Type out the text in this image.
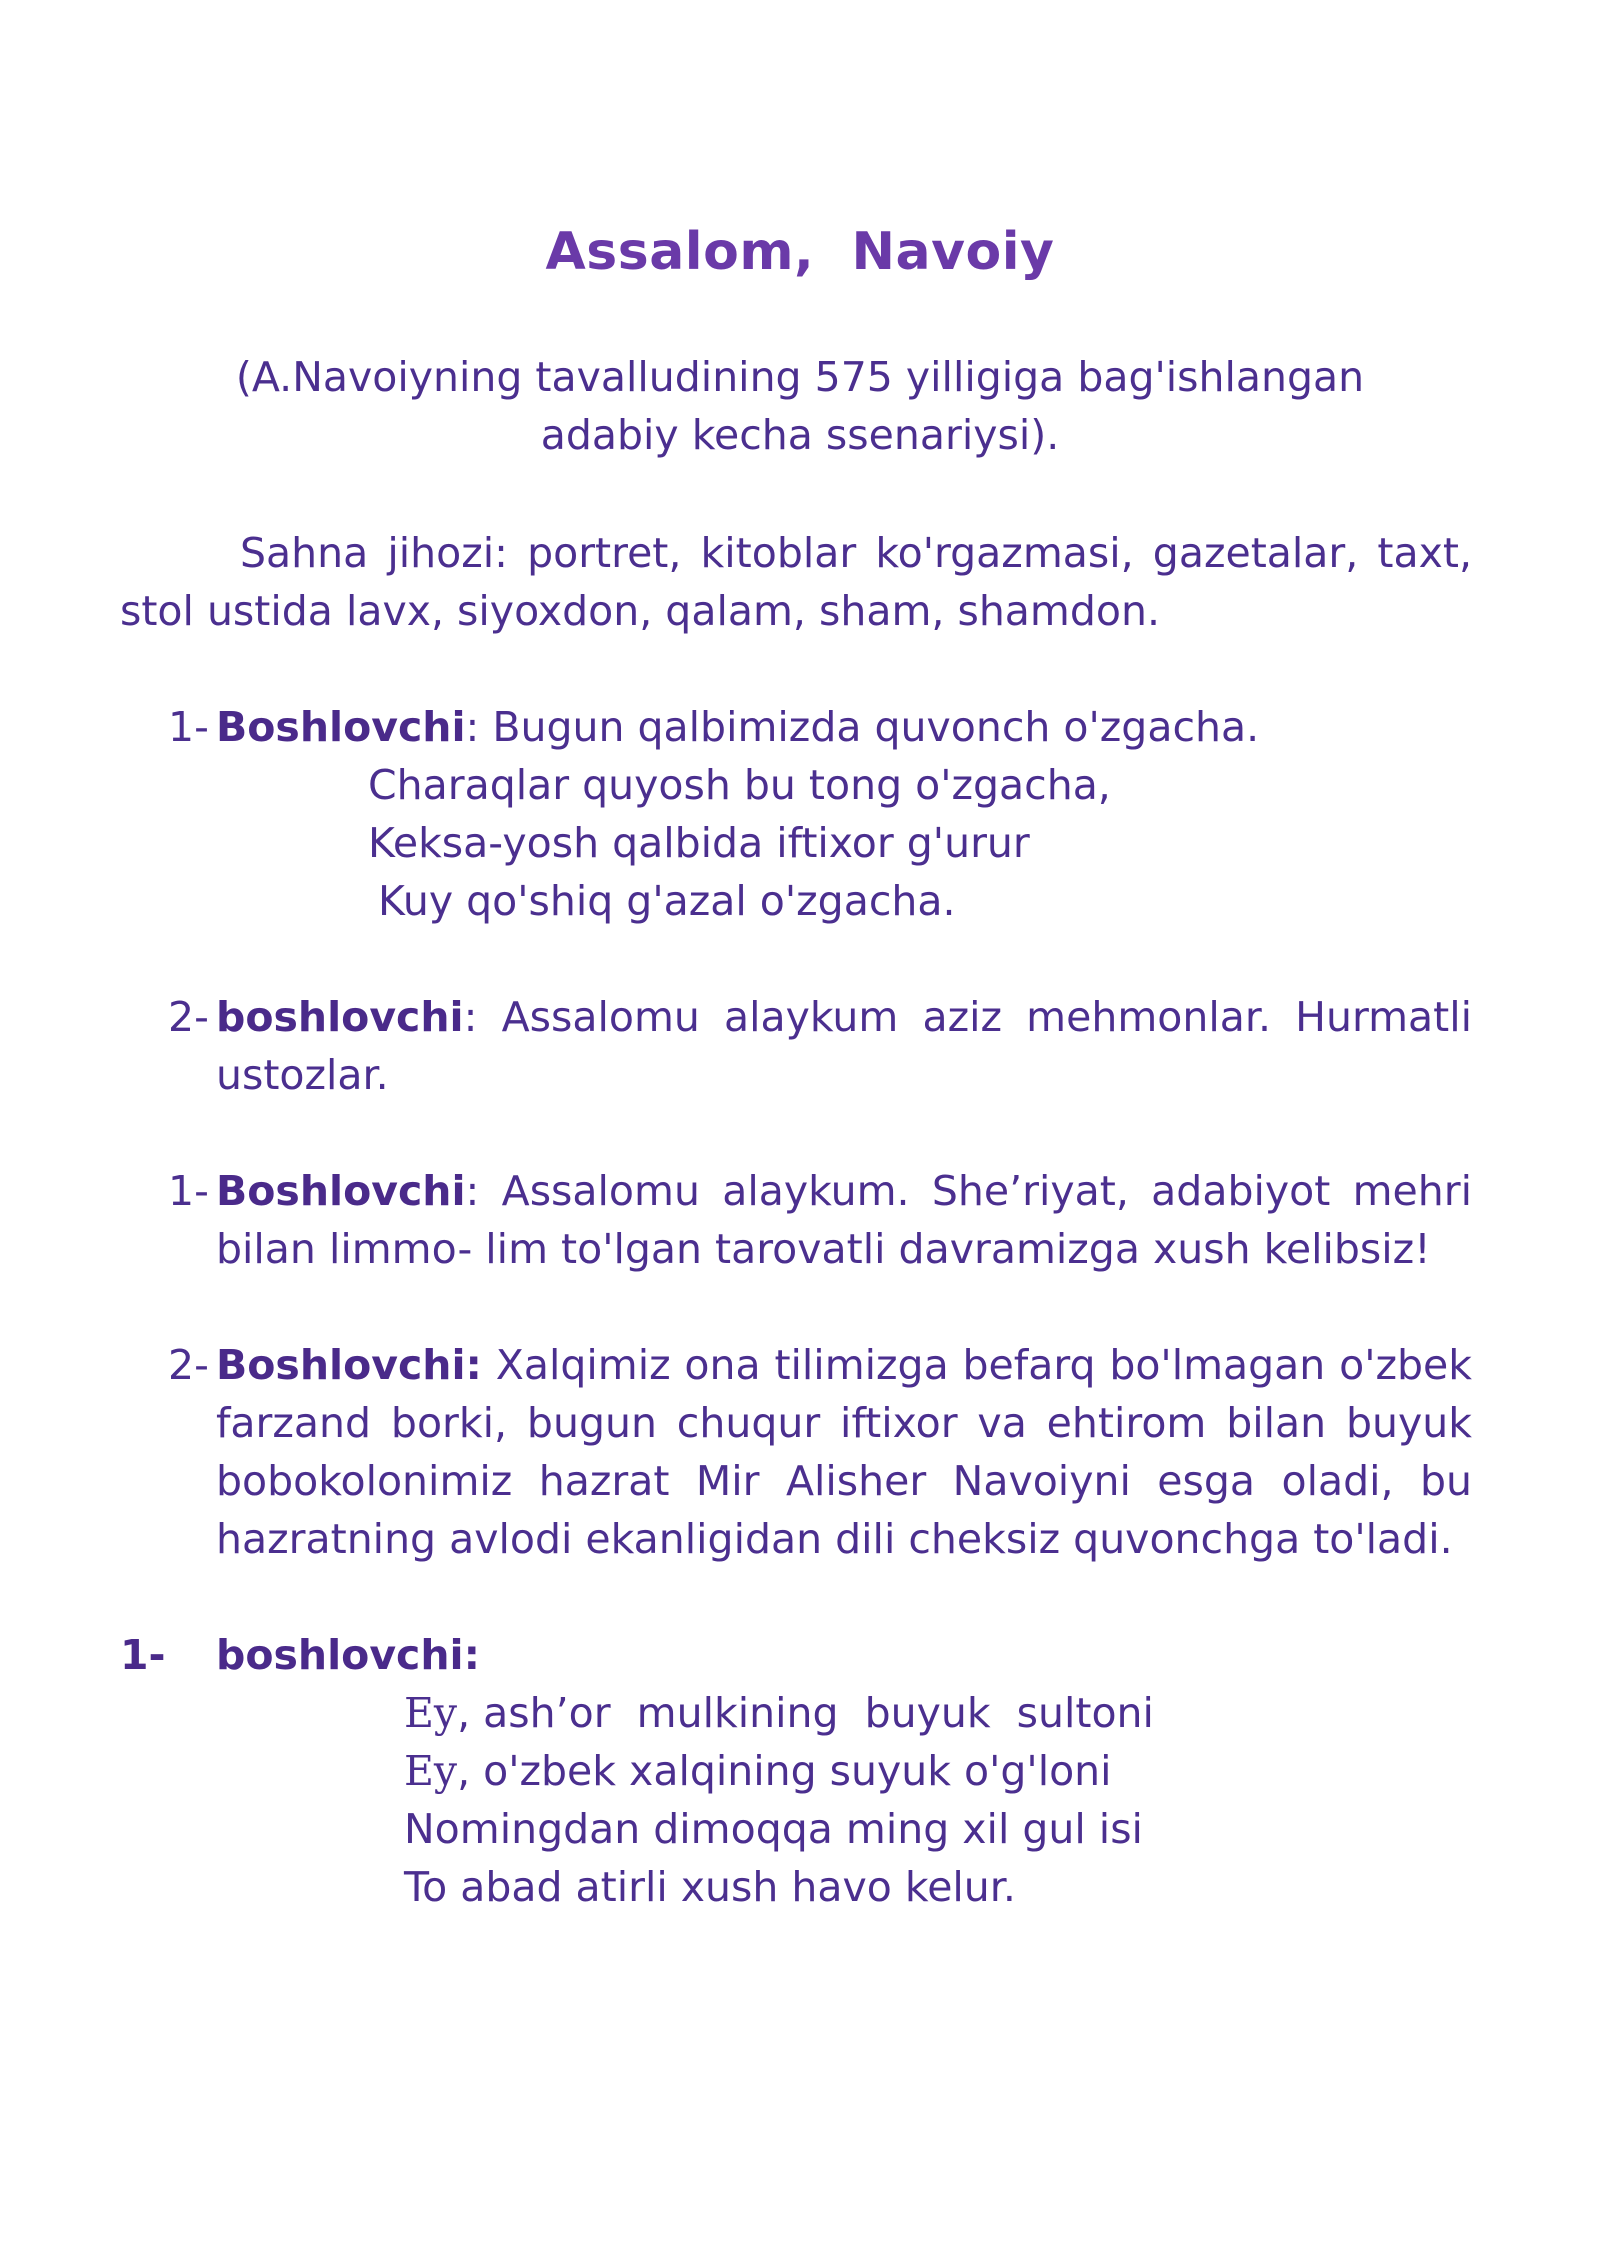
Assalom,  Navoiy
(A.Navoiyning tavalludining 575 yilligiga bag'ishlangan
adabiy kecha ssenariysi).
Sahna jihozi: portret, kitoblar ko'rgazmasi, gazetalar, taxt, stol ustida lavx, siyoxdon, qalam, sham, shamdon.
1- Boshlovchi: Bugun qalbimizda quvonch o'zgacha.
Charaqlar quyosh bu tong o'zgacha,
Keksa-yosh qalbida iftixor g'urur
Kuy qo'shiq g'azal o'zgacha.
2- boshlovchi: Assalomu alaykum aziz mehmonlar. Hurmatli ustozlar.
1- Boshlovchi: Assalomu alaykum. She’riyat, adabiyot mehri bilan limmo- lim to'lgan tarovatli davramizga xush kelibsiz!
2- Boshlovchi: Xalqimiz ona tilimizga befarq bo'lmagan o'zbek farzand borki, bugun chuqur iftixor va ehtirom bilan buyuk bobokolonimiz hazrat Mir Alisher Navoiyni esga oladi, bu hazratning avlodi ekanligidan dili cheksiz quvonchga to'ladi.
1- boshlovchi:
Ey, ash’or  mulkining  buyuk  sultoni
Ey, o'zbek xalqining suyuk o'g'loni
Nomingdan dimoqqa ming xil gul isi
To abad atirli xush havo kelur.
